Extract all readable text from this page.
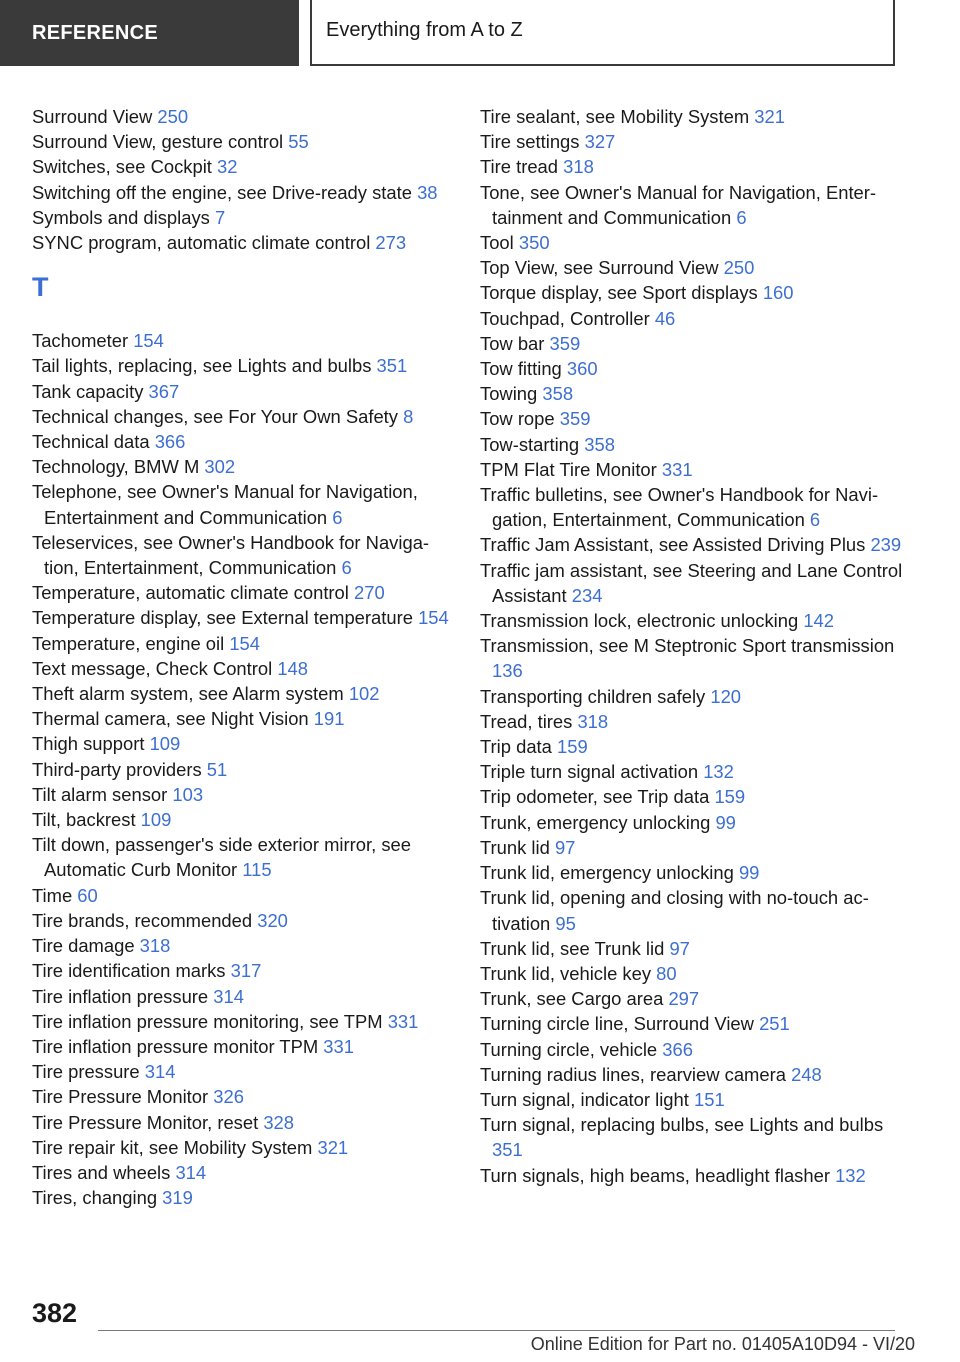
REFERENCE	Everything from A to Z
Surround View 250
Surround View, gesture control 55
Switches, see Cockpit 32
Switching off the engine, see Drive-ready state 38
Symbols and displays 7
SYNC program, automatic climate control 273
T
Tachometer 154
Tail lights, replacing, see Lights and bulbs 351
Tank capacity 367
Technical changes, see For Your Own Safety 8
Technical data 366
Technology, BMW M 302
Telephone, see Owner's Manual for Navigation, Entertainment and Communication 6
Teleservices, see Owner's Handbook for Navigation, Entertainment, Communication 6
Temperature, automatic climate control 270
Temperature display, see External temperature 154
Temperature, engine oil 154
Text message, Check Control 148
Theft alarm system, see Alarm system 102
Thermal camera, see Night Vision 191
Thigh support 109
Third-party providers 51
Tilt alarm sensor 103
Tilt, backrest 109
Tilt down, passenger's side exterior mirror, see Automatic Curb Monitor 115
Time 60
Tire brands, recommended 320
Tire damage 318
Tire identification marks 317
Tire inflation pressure 314
Tire inflation pressure monitoring, see TPM 331
Tire inflation pressure monitor TPM 331
Tire pressure 314
Tire Pressure Monitor 326
Tire Pressure Monitor, reset 328
Tire repair kit, see Mobility System 321
Tires and wheels 314
Tires, changing 319
Tire sealant, see Mobility System 321
Tire settings 327
Tire tread 318
Tone, see Owner's Manual for Navigation, Entertainment and Communication 6
Tool 350
Top View, see Surround View 250
Torque display, see Sport displays 160
Touchpad, Controller 46
Tow bar 359
Tow fitting 360
Towing 358
Tow rope 359
Tow-starting 358
TPM Flat Tire Monitor 331
Traffic bulletins, see Owner's Handbook for Navigation, Entertainment, Communication 6
Traffic Jam Assistant, see Assisted Driving Plus 239
Traffic jam assistant, see Steering and Lane Control Assistant 234
Transmission lock, electronic unlocking 142
Transmission, see M Steptronic Sport transmission 136
Transporting children safely 120
Tread, tires 318
Trip data 159
Triple turn signal activation 132
Trip odometer, see Trip data 159
Trunk, emergency unlocking 99
Trunk lid 97
Trunk lid, emergency unlocking 99
Trunk lid, opening and closing with no-touch activation 95
Trunk lid, see Trunk lid 97
Trunk lid, vehicle key 80
Trunk, see Cargo area 297
Turning circle line, Surround View 251
Turning circle, vehicle 366
Turning radius lines, rearview camera 248
Turn signal, indicator light 151
Turn signal, replacing bulbs, see Lights and bulbs 351
Turn signals, high beams, headlight flasher 132
382
Online Edition for Part no. 01405A10D94 - VI/20
